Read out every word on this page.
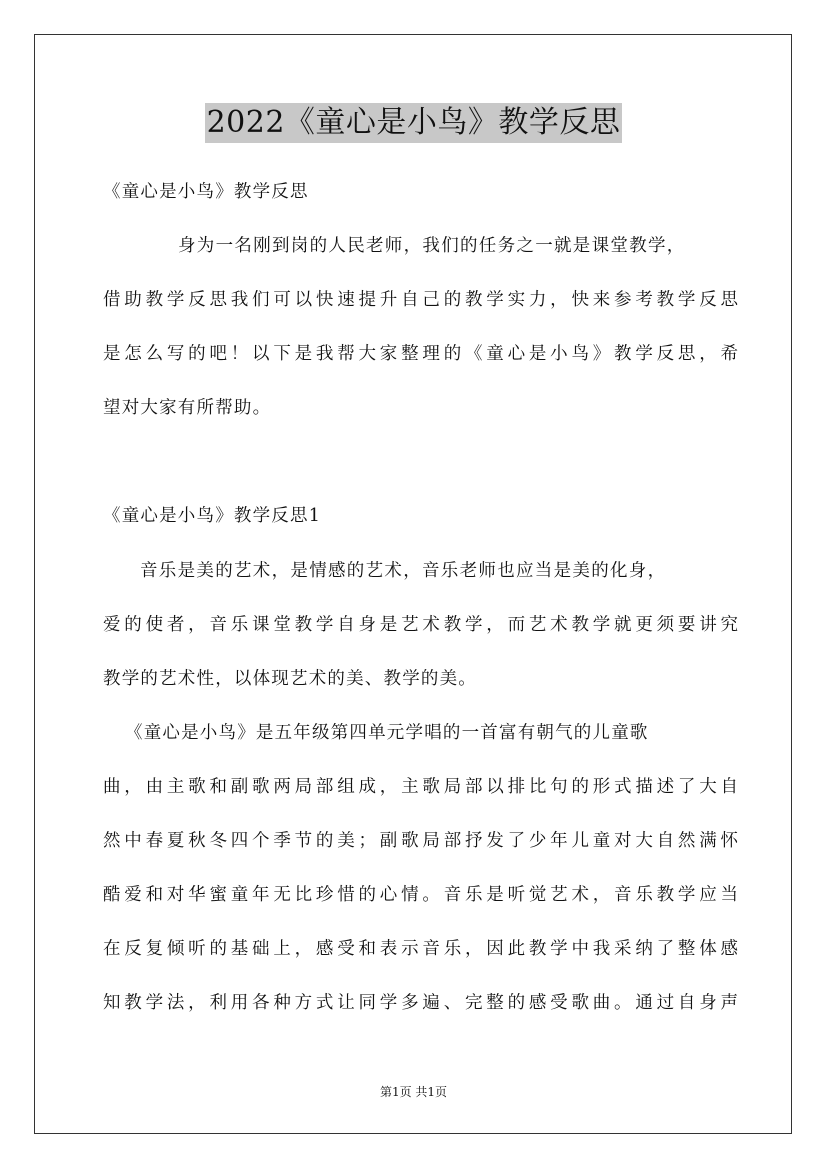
2022《童心是小鸟》教学反思
《童心是小鸟》教学反思
身为一名刚到岗的人民老师，我们的任务之一就是课堂教学，
借助教学反思我们可以快速提升自己的教学实力，快来参考教学反思
是怎么写的吧！以下是我帮大家整理的《童心是小鸟》教学反思，希
望对大家有所帮助。
《童心是小鸟》教学反思1
音乐是美的艺术，是情感的艺术，音乐老师也应当是美的化身，
爱的使者，音乐课堂教学自身是艺术教学，而艺术教学就更须要讲究
教学的艺术性，以体现艺术的美、教学的美。
《童心是小鸟》是五年级第四单元学唱的一首富有朝气的儿童歌
曲，由主歌和副歌两局部组成，主歌局部以排比句的形式描述了大自
然中春夏秋冬四个季节的美；副歌局部抒发了少年儿童对大自然满怀
酷爱和对华蜜童年无比珍惜的心情。音乐是听觉艺术，音乐教学应当
在反复倾听的基础上，感受和表示音乐，因此教学中我采纳了整体感
知教学法，利用各种方式让同学多遍、完整的感受歌曲。通过自身声
第1页 共1页
